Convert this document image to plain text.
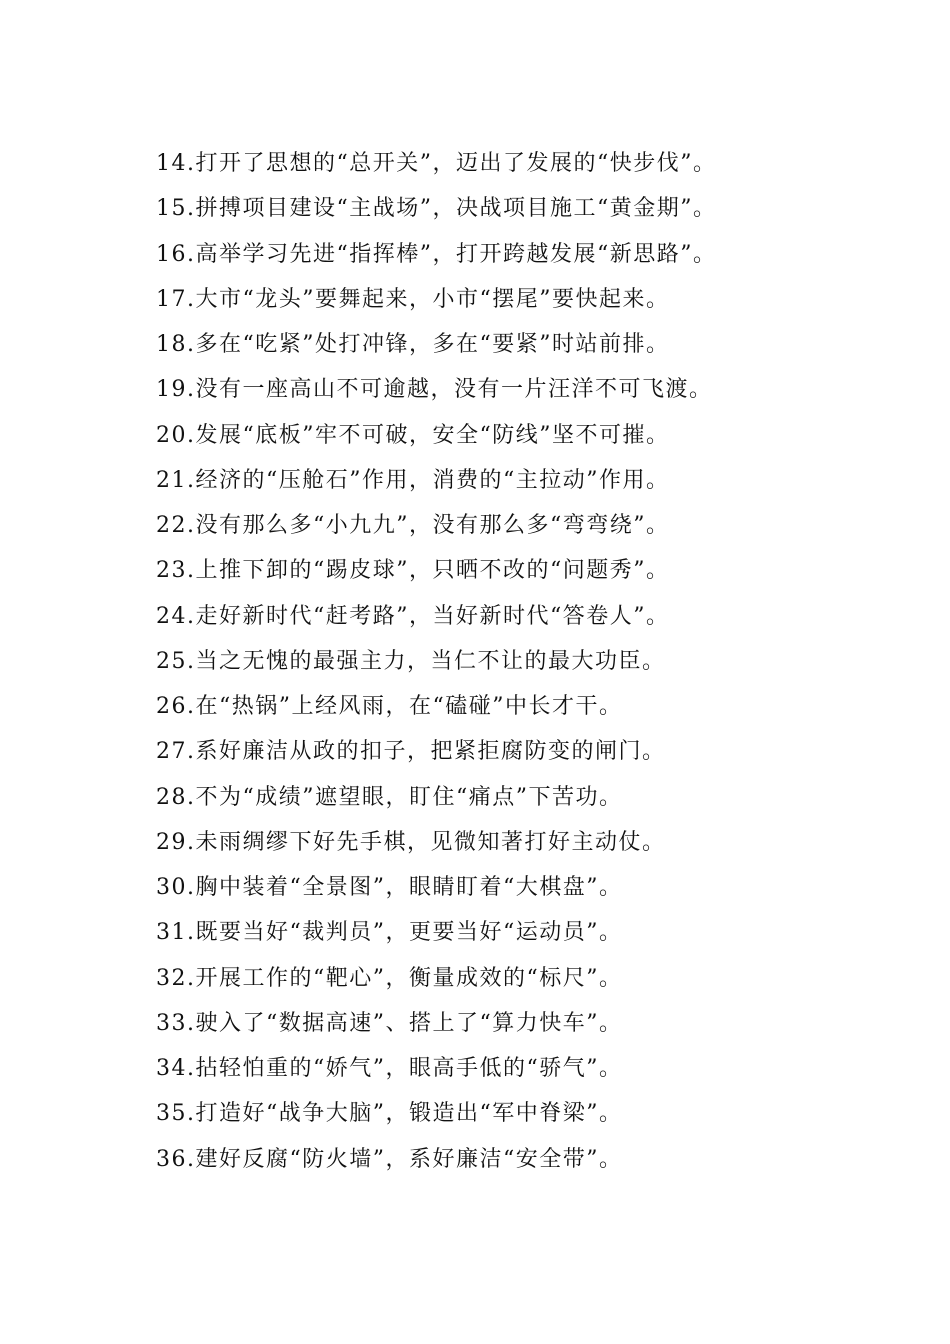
14.打开了思想的“总开关”，迈出了发展的“快步伐”。
15.拼搏项目建设“主战场”，决战项目施工“黄金期”。
16.高举学习先进“指挥棒”，打开跨越发展“新思路”。
17.大市“龙头”要舞起来，小市“摆尾”要快起来。
18.多在“吃紧”处打冲锋，多在“要紧”时站前排。
19.没有一座高山不可逾越，没有一片汪洋不可飞渡。
20.发展“底板”牢不可破，安全“防线”坚不可摧。
21.经济的“压舱石”作用，消费的“主拉动”作用。
22.没有那么多“小九九”，没有那么多“弯弯绕”。
23.上推下卸的“踢皮球”，只晒不改的“问题秀”。
24.走好新时代“赶考路”，当好新时代“答卷人”。
25.当之无愧的最强主力，当仁不让的最大功臣。
26.在“热锅”上经风雨，在“磕碰”中长才干。
27.系好廉洁从政的扣子，把紧拒腐防变的闸门。
28.不为“成绩”遮望眼，盯住“痛点”下苦功。
29.未雨绸缪下好先手棋，见微知著打好主动仗。
30.胸中装着“全景图”，眼睛盯着“大棋盘”。
31.既要当好“裁判员”，更要当好“运动员”。
32.开展工作的“靶心”，衡量成效的“标尺”。
33.驶入了“数据高速”、搭上了“算力快车”。
34.拈轻怕重的“娇气”，眼高手低的“骄气”。
35.打造好“战争大脑”，锻造出“军中脊梁”。
36.建好反腐“防火墙”，系好廉洁“安全带”。
